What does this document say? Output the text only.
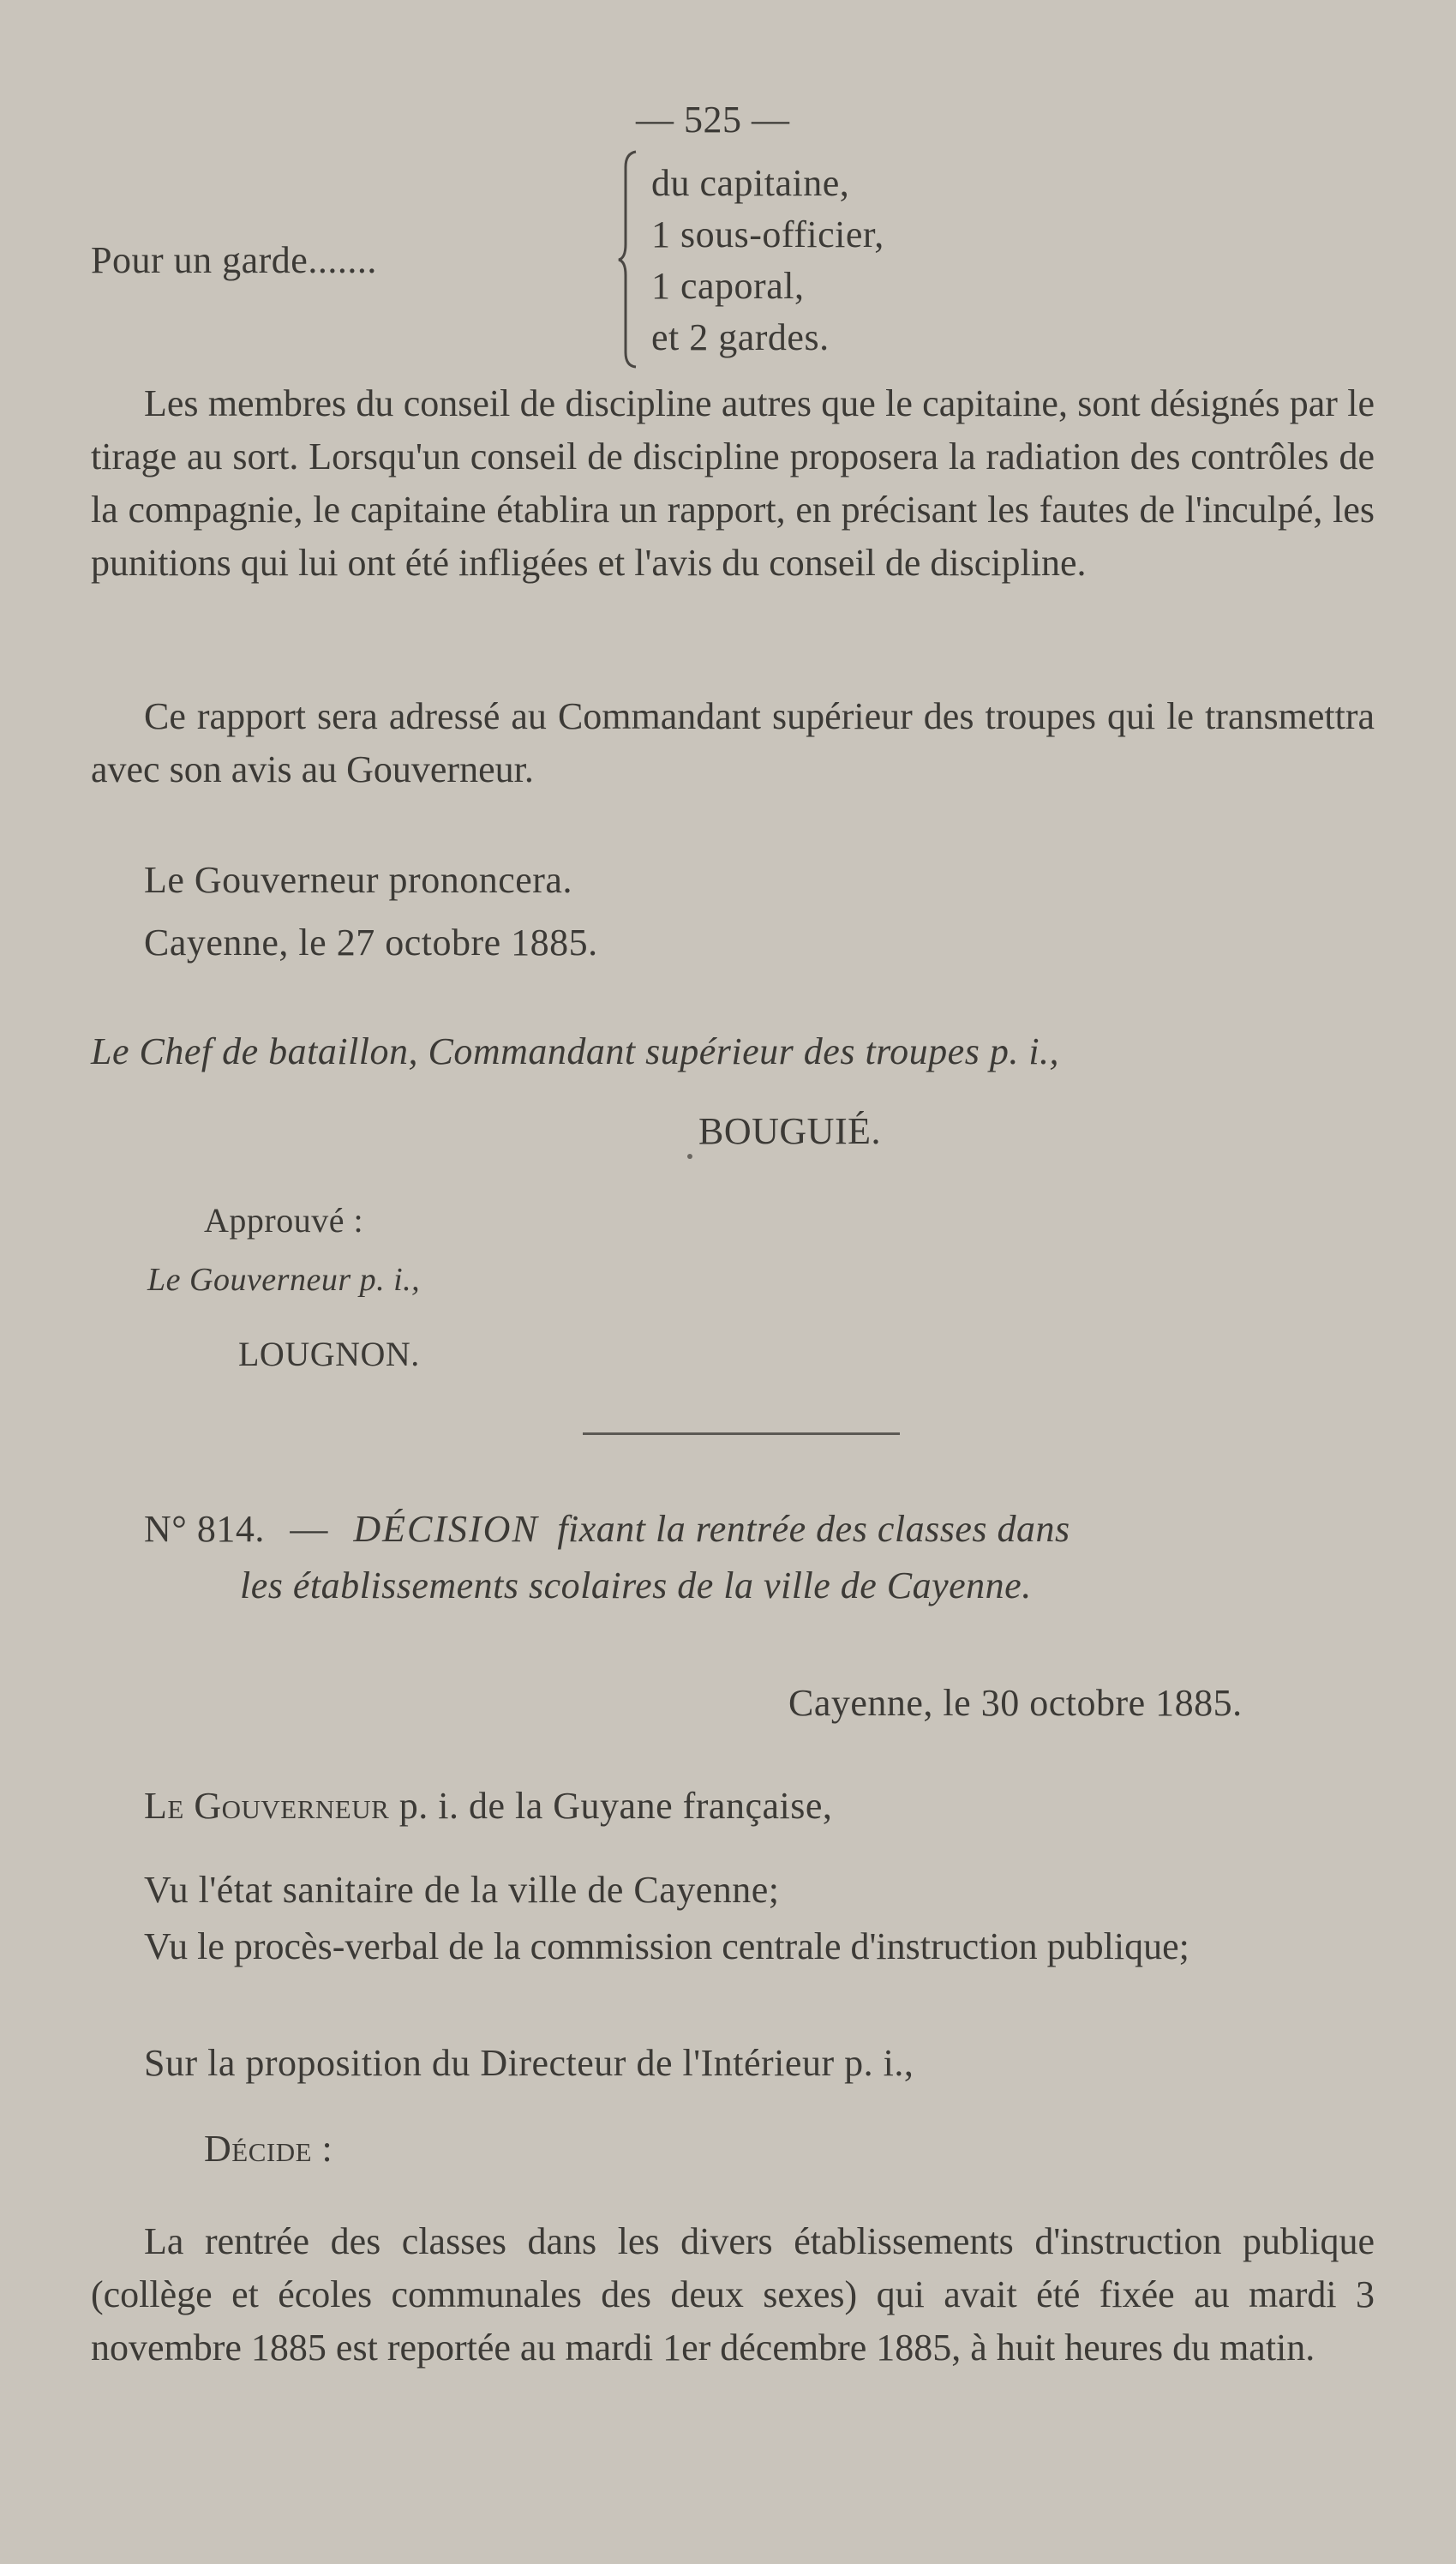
— 525 —
Pour un garde.......
du capitaine,
1 sous-officier,
1 caporal,
et 2 gardes.
Les membres du conseil de discipline autres que le capitaine, sont désignés par le tirage au sort. Lorsqu'un conseil de discipline proposera la radiation des contrôles de la compagnie, le capitaine établira un rapport, en précisant les fautes de l'inculpé, les punitions qui lui ont été infligées et l'avis du conseil de discipline.
Ce rapport sera adressé au Commandant supérieur des troupes qui le transmettra avec son avis au Gouverneur.
Le Gouverneur prononcera.
Cayenne, le 27 octobre 1885.
Le Chef de bataillon, Commandant supérieur des troupes p. i.,
BOUGUIÉ.
Approuvé :
Le Gouverneur p. i.,
LOUGNON.
N° 814. — DÉCISION fixant la rentrée des classes dans
les établissements scolaires de la ville de Cayenne.
Cayenne, le 30 octobre 1885.
Le Gouverneur p. i. de la Guyane française,
Vu l'état sanitaire de la ville de Cayenne;
Vu le procès-verbal de la commission centrale d'instruction publique;
Sur la proposition du Directeur de l'Intérieur p. i.,
Décide :
La rentrée des classes dans les divers établissements d'instruction publique (collège et écoles communales des deux sexes) qui avait été fixée au mardi 3 novembre 1885 est reportée au mardi 1er décembre 1885, à huit heures du matin.
